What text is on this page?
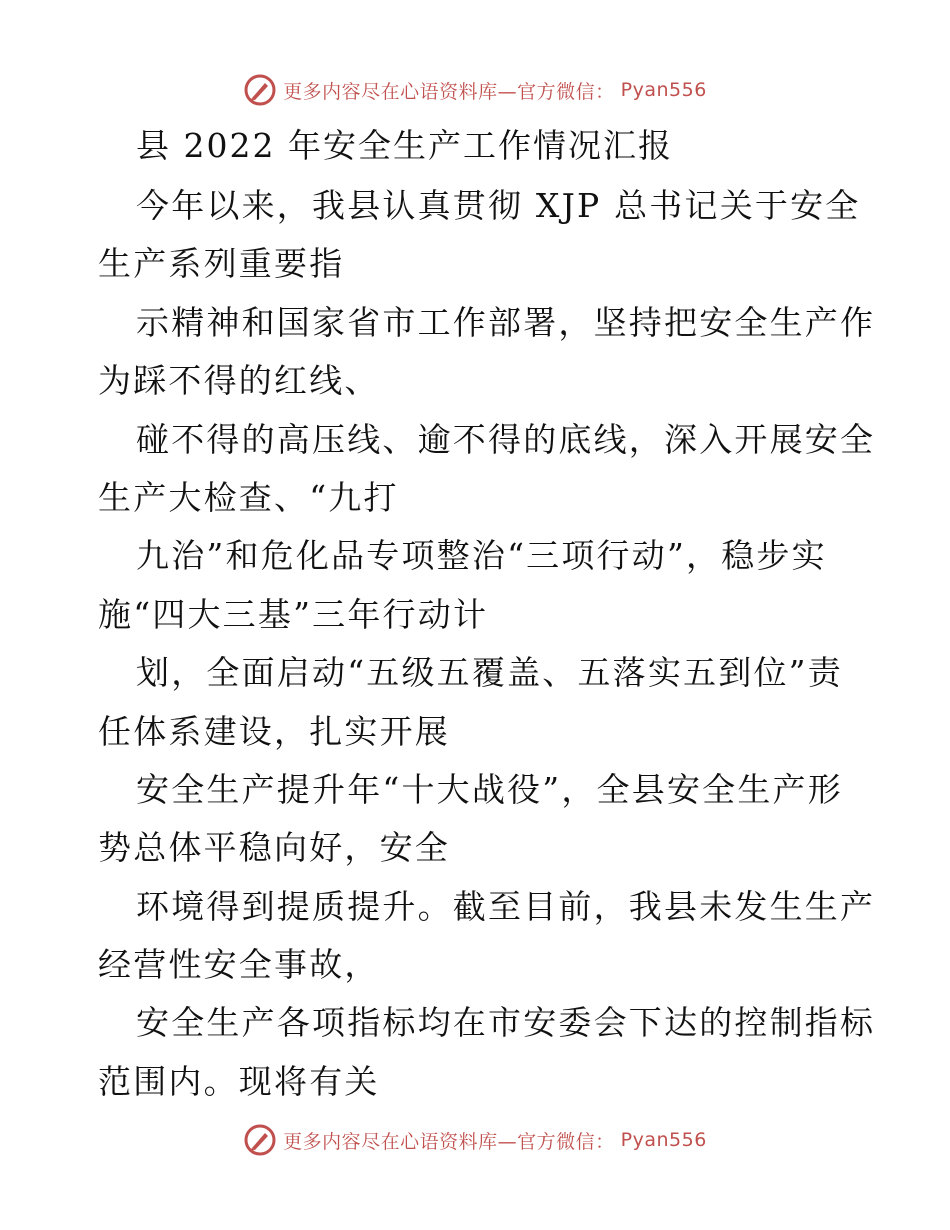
更多内容尽在心语资料库—官方微信： Pyan556
县 2022 年安全生产工作情况汇报
今年以来，我县认真贯彻 XJP 总书记关于安全
生产系列重要指
示精神和国家省市工作部署，坚持把安全生产作
为踩不得的红线、
碰不得的高压线、逾不得的底线，深入开展安全
生产大检查、“九打
九治”和危化品专项整治“三项行动”，稳步实
施“四大三基”三年行动计
划，全面启动“五级五覆盖、五落实五到位”责
任体系建设，扎实开展
安全生产提升年“十大战役”，全县安全生产形
势总体平稳向好，安全
环境得到提质提升。截至目前，我县未发生生产
经营性安全事故，
安全生产各项指标均在市安委会下达的控制指标
范围内。现将有关
更多内容尽在心语资料库—官方微信： Pyan556
